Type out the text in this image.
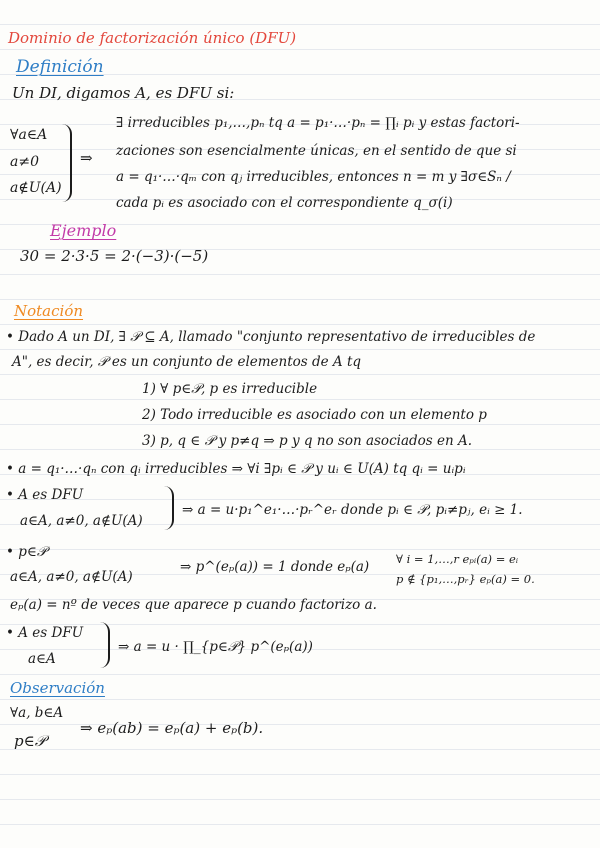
Dominio de factorización único (DFU)
Definición
Un DI, digamos A, es DFU si:
∀a∈A
a≠0
a∉U(A)
⇒
∃ irreducibles p₁,…,pₙ tq a = p₁·…·pₙ = ∏ᵢ pᵢ y estas factori-
zaciones son esencialmente únicas, en el sentido de que si
a = q₁·…·qₘ con qⱼ irreducibles, entonces n = m y ∃σ∈Sₙ /
cada pᵢ es asociado con el correspondiente q_σ(i)
Ejemplo
30 = 2·3·5 = 2·(−3)·(−5)
Notación
• Dado A un DI, ∃ 𝒫 ⊆ A, llamado "conjunto representativo de irreducibles de
A", es decir, 𝒫 es un conjunto de elementos de A tq
1) ∀ p∈𝒫, p es irreducible
2) Todo irreducible es asociado con un elemento p
3) p, q ∈ 𝒫 y p≠q ⇒ p y q no son asociados en A.
• a = q₁·…·qₙ con qᵢ irreducibles ⇒ ∀i ∃pᵢ ∈ 𝒫 y uᵢ ∈ U(A) tq qᵢ = uᵢpᵢ
• A es DFU
a∈A, a≠0, a∉U(A)
⇒ a = u·p₁^e₁·…·pᵣ^eᵣ donde pᵢ ∈ 𝒫, pᵢ≠pⱼ, eᵢ ≥ 1.
• p∈𝒫
a∈A, a≠0, a∉U(A)
⇒ p^(eₚ(a)) = 1 donde eₚ(a) ∀ i = 1,…,r eₚᵢ(a) = eᵢ
p ∉ {p₁,…,pᵣ} eₚ(a) = 0.
eₚ(a) = nº de veces que aparece p cuando factorizo a.
• A es DFU
a∈A
⇒ a = u · ∏_{p∈𝒫} p^(eₚ(a))
Observación
∀a, b∈A
p∈𝒫
⇒ eₚ(ab) = eₚ(a) + eₚ(b).
